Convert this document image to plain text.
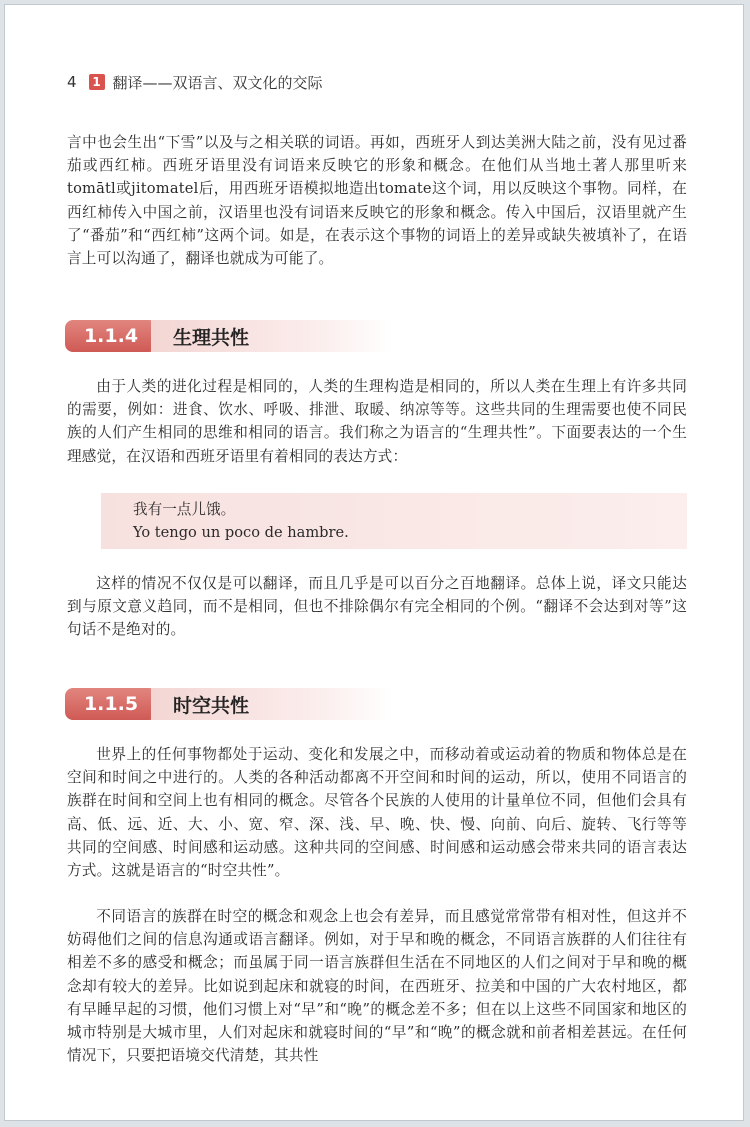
4	1 翻译——双语言、双文化的交际

言中也会生出“下雪”以及与之相关联的词语。再如，西班牙人到达美洲大陆之前，没有见过番茄或西红柿。西班牙语里没有词语来反映它的形象和概念。在他们从当地土著人那里听来tomātl或jitomatel后，用西班牙语模拟地造出tomate这个词，用以反映这个事物。同样，在西红柿传入中国之前，汉语里也没有词语来反映它的形象和概念。传入中国后，汉语里就产生了“番茄”和“西红柿”这两个词。如是，在表示这个事物的词语上的差异或缺失被填补了，在语言上可以沟通了，翻译也就成为可能了。

1.1.4	生理共性

由于人类的进化过程是相同的，人类的生理构造是相同的，所以人类在生理上有许多共同的需要，例如：进食、饮水、呼吸、排泄、取暖、纳凉等等。这些共同的生理需要也使不同民族的人们产生相同的思维和相同的语言。我们称之为语言的“生理共性”。下面要表达的一个生理感觉，在汉语和西班牙语里有着相同的表达方式：

我有一点儿饿。
Yo tengo un poco de hambre.

这样的情况不仅仅是可以翻译，而且几乎是可以百分之百地翻译。总体上说，译文只能达到与原文意义趋同，而不是相同，但也不排除偶尔有完全相同的个例。“翻译不会达到对等”这句话不是绝对的。

1.1.5	时空共性

世界上的任何事物都处于运动、变化和发展之中，而移动着或运动着的物质和物体总是在空间和时间之中进行的。人类的各种活动都离不开空间和时间的运动，所以，使用不同语言的族群在时间和空间上也有相同的概念。尽管各个民族的人使用的计量单位不同，但他们会具有高、低、远、近、大、小、宽、窄、深、浅、早、晚、快、慢、向前、向后、旋转、飞行等等共同的空间感、时间感和运动感。这种共同的空间感、时间感和运动感会带来共同的语言表达方式。这就是语言的“时空共性”。

不同语言的族群在时空的概念和观念上也会有差异，而且感觉常常带有相对性，但这并不妨碍他们之间的信息沟通或语言翻译。例如，对于早和晚的概念，不同语言族群的人们往往有相差不多的感受和概念；而虽属于同一语言族群但生活在不同地区的人们之间对于早和晚的概念却有较大的差异。比如说到起床和就寝的时间，在西班牙、拉美和中国的广大农村地区，都有早睡早起的习惯，他们习惯上对“早”和“晚”的概念差不多；但在以上这些不同国家和地区的城市特别是大城市里，人们对起床和就寝时间的“早”和“晚”的概念就和前者相差甚远。在任何情况下，只要把语境交代清楚，其共性
